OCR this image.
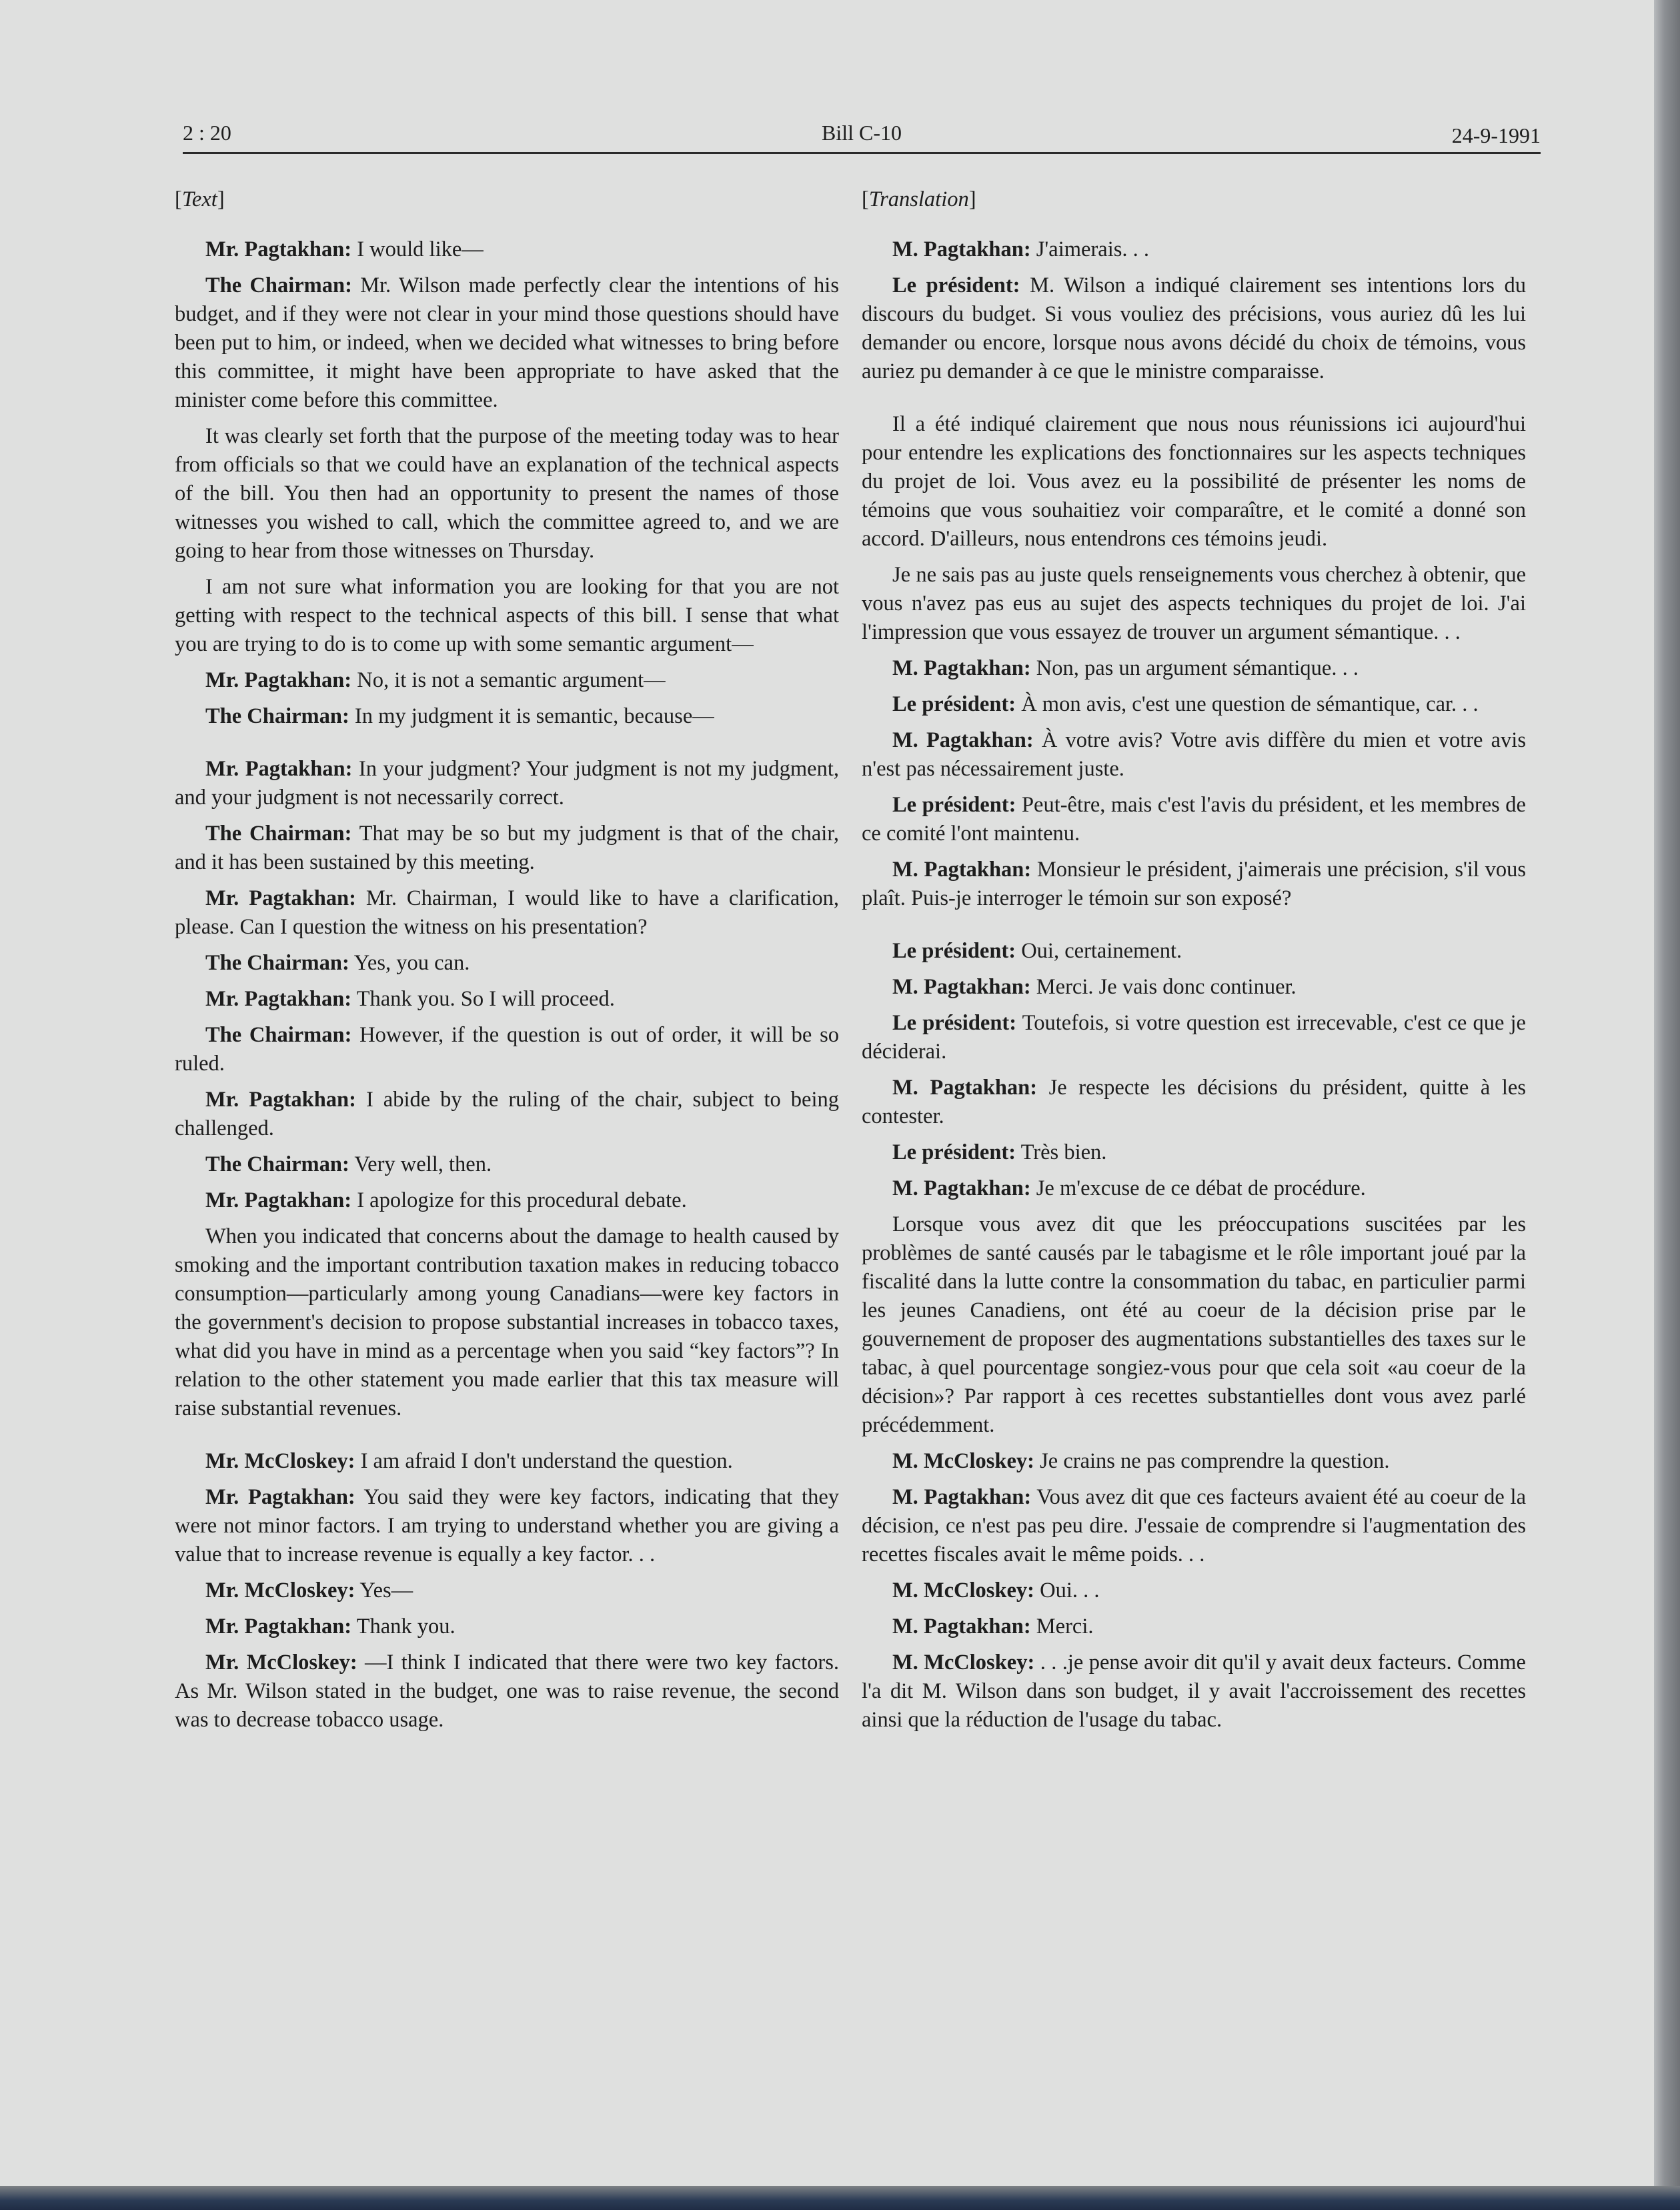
2 : 20	Bill C-10	24-9-1991
[Text]

Mr. Pagtakhan: I would like—

The Chairman: Mr. Wilson made perfectly clear the intentions of his budget, and if they were not clear in your mind those questions should have been put to him, or indeed, when we decided what witnesses to bring before this committee, it might have been appropriate to have asked that the minister come before this committee.

It was clearly set forth that the purpose of the meeting today was to hear from officials so that we could have an explanation of the technical aspects of the bill. You then had an opportunity to present the names of those witnesses you wished to call, which the committee agreed to, and we are going to hear from those witnesses on Thursday.

I am not sure what information you are looking for that you are not getting with respect to the technical aspects of this bill. I sense that what you are trying to do is to come up with some semantic argument—

Mr. Pagtakhan: No, it is not a semantic argument—

The Chairman: In my judgment it is semantic, because—

Mr. Pagtakhan: In your judgment? Your judgment is not my judgment, and your judgment is not necessarily correct.

The Chairman: That may be so but my judgment is that of the chair, and it has been sustained by this meeting.

Mr. Pagtakhan: Mr. Chairman, I would like to have a clarification, please. Can I question the witness on his presentation?

The Chairman: Yes, you can.

Mr. Pagtakhan: Thank you. So I will proceed.

The Chairman: However, if the question is out of order, it will be so ruled.

Mr. Pagtakhan: I abide by the ruling of the chair, subject to being challenged.

The Chairman: Very well, then.

Mr. Pagtakhan: I apologize for this procedural debate.

When you indicated that concerns about the damage to health caused by smoking and the important contribution taxation makes in reducing tobacco consumption—particularly among young Canadians—were key factors in the government's decision to propose substantial increases in tobacco taxes, what did you have in mind as a percentage when you said “key factors”? In relation to the other statement you made earlier that this tax measure will raise substantial revenues.

Mr. McCloskey: I am afraid I don't understand the question.

Mr. Pagtakhan: You said they were key factors, indicating that they were not minor factors. I am trying to understand whether you are giving a value that to increase revenue is equally a key factor. . .

Mr. McCloskey: Yes—

Mr. Pagtakhan: Thank you.

Mr. McCloskey: —I think I indicated that there were two key factors. As Mr. Wilson stated in the budget, one was to raise revenue, the second was to decrease tobacco usage.

[Translation]

M. Pagtakhan: J'aimerais. . .

Le président: M. Wilson a indiqué clairement ses intentions lors du discours du budget. Si vous vouliez des précisions, vous auriez dû les lui demander ou encore, lorsque nous avons décidé du choix de témoins, vous auriez pu demander à ce que le ministre comparaisse.

Il a été indiqué clairement que nous nous réunissions ici aujourd'hui pour entendre les explications des fonctionnaires sur les aspects techniques du projet de loi. Vous avez eu la possibilité de présenter les noms de témoins que vous souhaitiez voir comparaître, et le comité a donné son accord. D'ailleurs, nous entendrons ces témoins jeudi.

Je ne sais pas au juste quels renseignements vous cherchez à obtenir, que vous n'avez pas eus au sujet des aspects techniques du projet de loi. J'ai l'impression que vous essayez de trouver un argument sémantique. . .

M. Pagtakhan: Non, pas un argument sémantique. . .

Le président: À mon avis, c'est une question de sémantique, car. . .

M. Pagtakhan: À votre avis? Votre avis diffère du mien et votre avis n'est pas nécessairement juste.

Le président: Peut-être, mais c'est l'avis du président, et les membres de ce comité l'ont maintenu.

M. Pagtakhan: Monsieur le président, j'aimerais une précision, s'il vous plaît. Puis-je interroger le témoin sur son exposé?

Le président: Oui, certainement.

M. Pagtakhan: Merci. Je vais donc continuer.

Le président: Toutefois, si votre question est irrecevable, c'est ce que je déciderai.

M. Pagtakhan: Je respecte les décisions du président, quitte à les contester.

Le président: Très bien.

M. Pagtakhan: Je m'excuse de ce débat de procédure.

Lorsque vous avez dit que les préoccupations suscitées par les problèmes de santé causés par le tabagisme et le rôle important joué par la fiscalité dans la lutte contre la consommation du tabac, en particulier parmi les jeunes Canadiens, ont été au coeur de la décision prise par le gouvernement de proposer des augmentations substantielles des taxes sur le tabac, à quel pourcentage songiez-vous pour que cela soit «au coeur de la décision»? Par rapport à ces recettes substantielles dont vous avez parlé précédemment.

M. McCloskey: Je crains ne pas comprendre la question.

M. Pagtakhan: Vous avez dit que ces facteurs avaient été au coeur de la décision, ce n'est pas peu dire. J'essaie de comprendre si l'augmentation des recettes fiscales avait le même poids. . .

M. McCloskey: Oui. . .

M. Pagtakhan: Merci.

M. McCloskey: . . .je pense avoir dit qu'il y avait deux facteurs. Comme l'a dit M. Wilson dans son budget, il y avait l'accroissement des recettes ainsi que la réduction de l'usage du tabac.
